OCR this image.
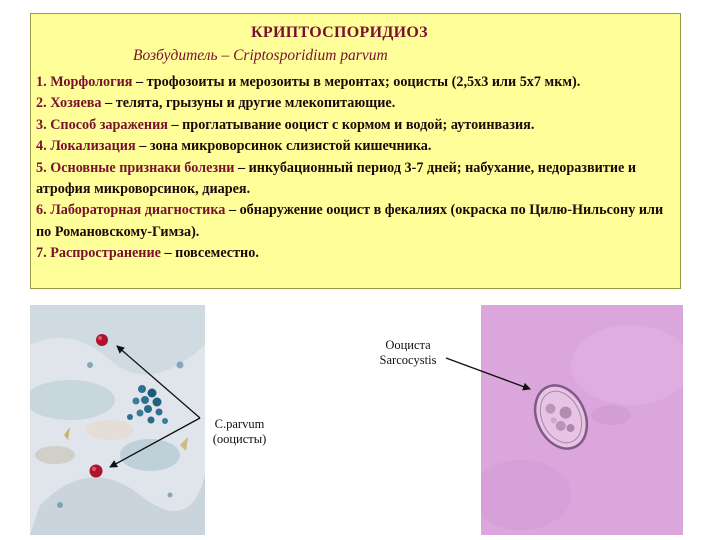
КРИПТОСПОРИДИОЗ
Возбудитель – Criptosporidium parvum

1. Морфология – трофозоиты и мерозоиты в меронтах; ооцисты (2,5х3 или 5х7 мкм).

2. Хозяева – телята, грызуны и другие млекопитающие.

3. Способ заражения – проглатывание ооцист с кормом и водой; аутоинвазия.

4. Локализация – зона микроворсинок слизистой кишечника.

5. Основные признаки болезни – инкубационный период 3-7 дней; набухание, недоразвитие и атрофия микроворсинок, диарея.

6. Лабораторная диагностика – обнаружение ооцист в фекалиях (окраска по Цилю-Нильсону или по Романовскому-Гимза).

7. Распространение – повсеместно.

Ооциста
Sarcocystis
C.parvum
(ооцисты)
